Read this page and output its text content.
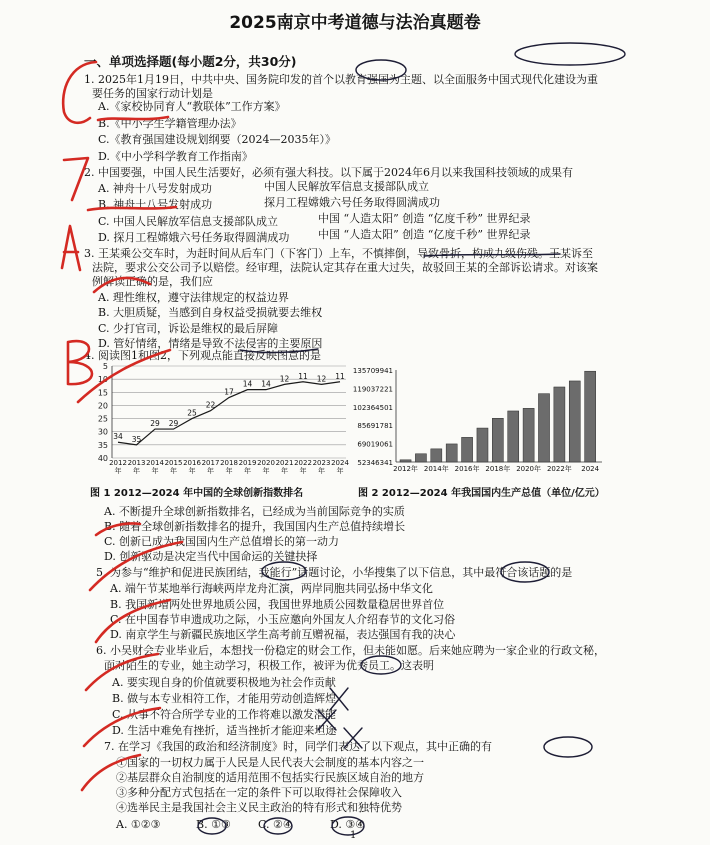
2025南京中考道德与法治真题卷
一、单项选择题(每小题2分，共30分)
1. 2025年1月19日，中共中央、国务院印发的首个以教育强国为主题、以全面服务中国式现代化建设为重
要任务的国家行动计划是
A.《家校协同育人“教联体”工作方案》
B.《中小学生学籍管理办法》
C.《教育强国建设规划纲要（2024—2035年）》
D.《中小学科学教育工作指南》
2. 中国要强，中国人民生活要好，必须有强大科技。以下属于2024年6月以来我国科技领域的成果有
A. 神舟十八号发射成功	中国人民解放军信息支援部队成立
B. 神舟十八号发射成功	探月工程嫦娥六号任务取得圆满成功
C. 中国人民解放军信息支援部队成立	中国 “人造太阳” 创造 “亿度千秒” 世界纪录
D. 探月工程嫦娥六号任务取得圆满成功	中国 “人造太阳” 创造 “亿度千秒” 世界纪录
3. 王某乘公交车时，为赶时间从后车门（下客门）上车，不慎摔倒，导致骨折，构成九级伤残。王某诉至
法院，要求公交公司予以赔偿。经审理，法院认定其存在重大过失，故驳回王某的全部诉讼请求。对该案
例解读正确的是，我们应
A. 理性维权，遵守法律规定的权益边界
B. 大胆质疑，当感到自身权益受损就要去维权
C. 少打官司，诉讼是维权的最后屏障
D. 管好情绪，情绪是导致不法侵害的主要原因
4. 阅读图1和图2，下列观点能直接反映图意的是
5
10
15
20
25
30
35
40
34
2012
年
35
2013
年
29
2014
年
29
2015
年
25
2016
年
22
2017
年
17
2018
年
14
2019
年
14
2020
年
12
2021
年
11
2022
年
12
2023
年
11
2024
年
图 1 2012—2024 年中国的全球创新指数排名
52346341
69019061
85691781
102364501
119037221
135709941
2012年 2014年 2016年 2018年 2020年 2022年 2024
图 2 2012—2024 年我国国内生产总值（单位/亿元）
A. 不断提升全球创新指数排名，已经成为当前国际竞争的实质
B. 随着全球创新指数排名的提升，我国国内生产总值持续增长
C. 创新已成为我国国内生产总值增长的第一动力
D. 创新驱动是决定当代中国命运的关键抉择
5. 为参与“维护和促进民族团结，我能行”话题讨论，小华搜集了以下信息，其中最符合该话题的是
A. 端午节某地举行海峡两岸龙舟汇演，两岸同胞共同弘扬中华文化
B. 我国新增两处世界地质公园，我国世界地质公园数量稳居世界首位
C. 在中国春节申遗成功之际，小玉应邀向外国友人介绍春节的文化习俗
D. 南京学生与新疆民族地区学生高考前互赠祝福，表达强国有我的决心
6. 小吴财会专业毕业后，本想找一份稳定的财会工作，但未能如愿。后来她应聘为一家企业的行政文秘，
面对陌生的专业，她主动学习，积极工作，被评为优秀员工。这表明
A. 要实现自身的价值就要积极地为社会作贡献
B. 做与本专业相符工作，才能用劳动创造辉煌
C. 从事不符合所学专业的工作将难以激发潜能
D. 生活中难免有挫折，适当挫折才能迎来坦途
7. 在学习《我国的政治和经济制度》时，同学们表达了以下观点，其中正确的有
①国家的一切权力属于人民是人民代表大会制度的基本内容之一
②基层群众自治制度的适用范围不包括实行民族区域自治的地方
③多种分配方式包括在一定的条件下可以取得社会保障收入
④选举民主是我国社会主义民主政治的特有形式和独特优势
A. ①②③	B. ①③ C. ②④	D. ③④
1
